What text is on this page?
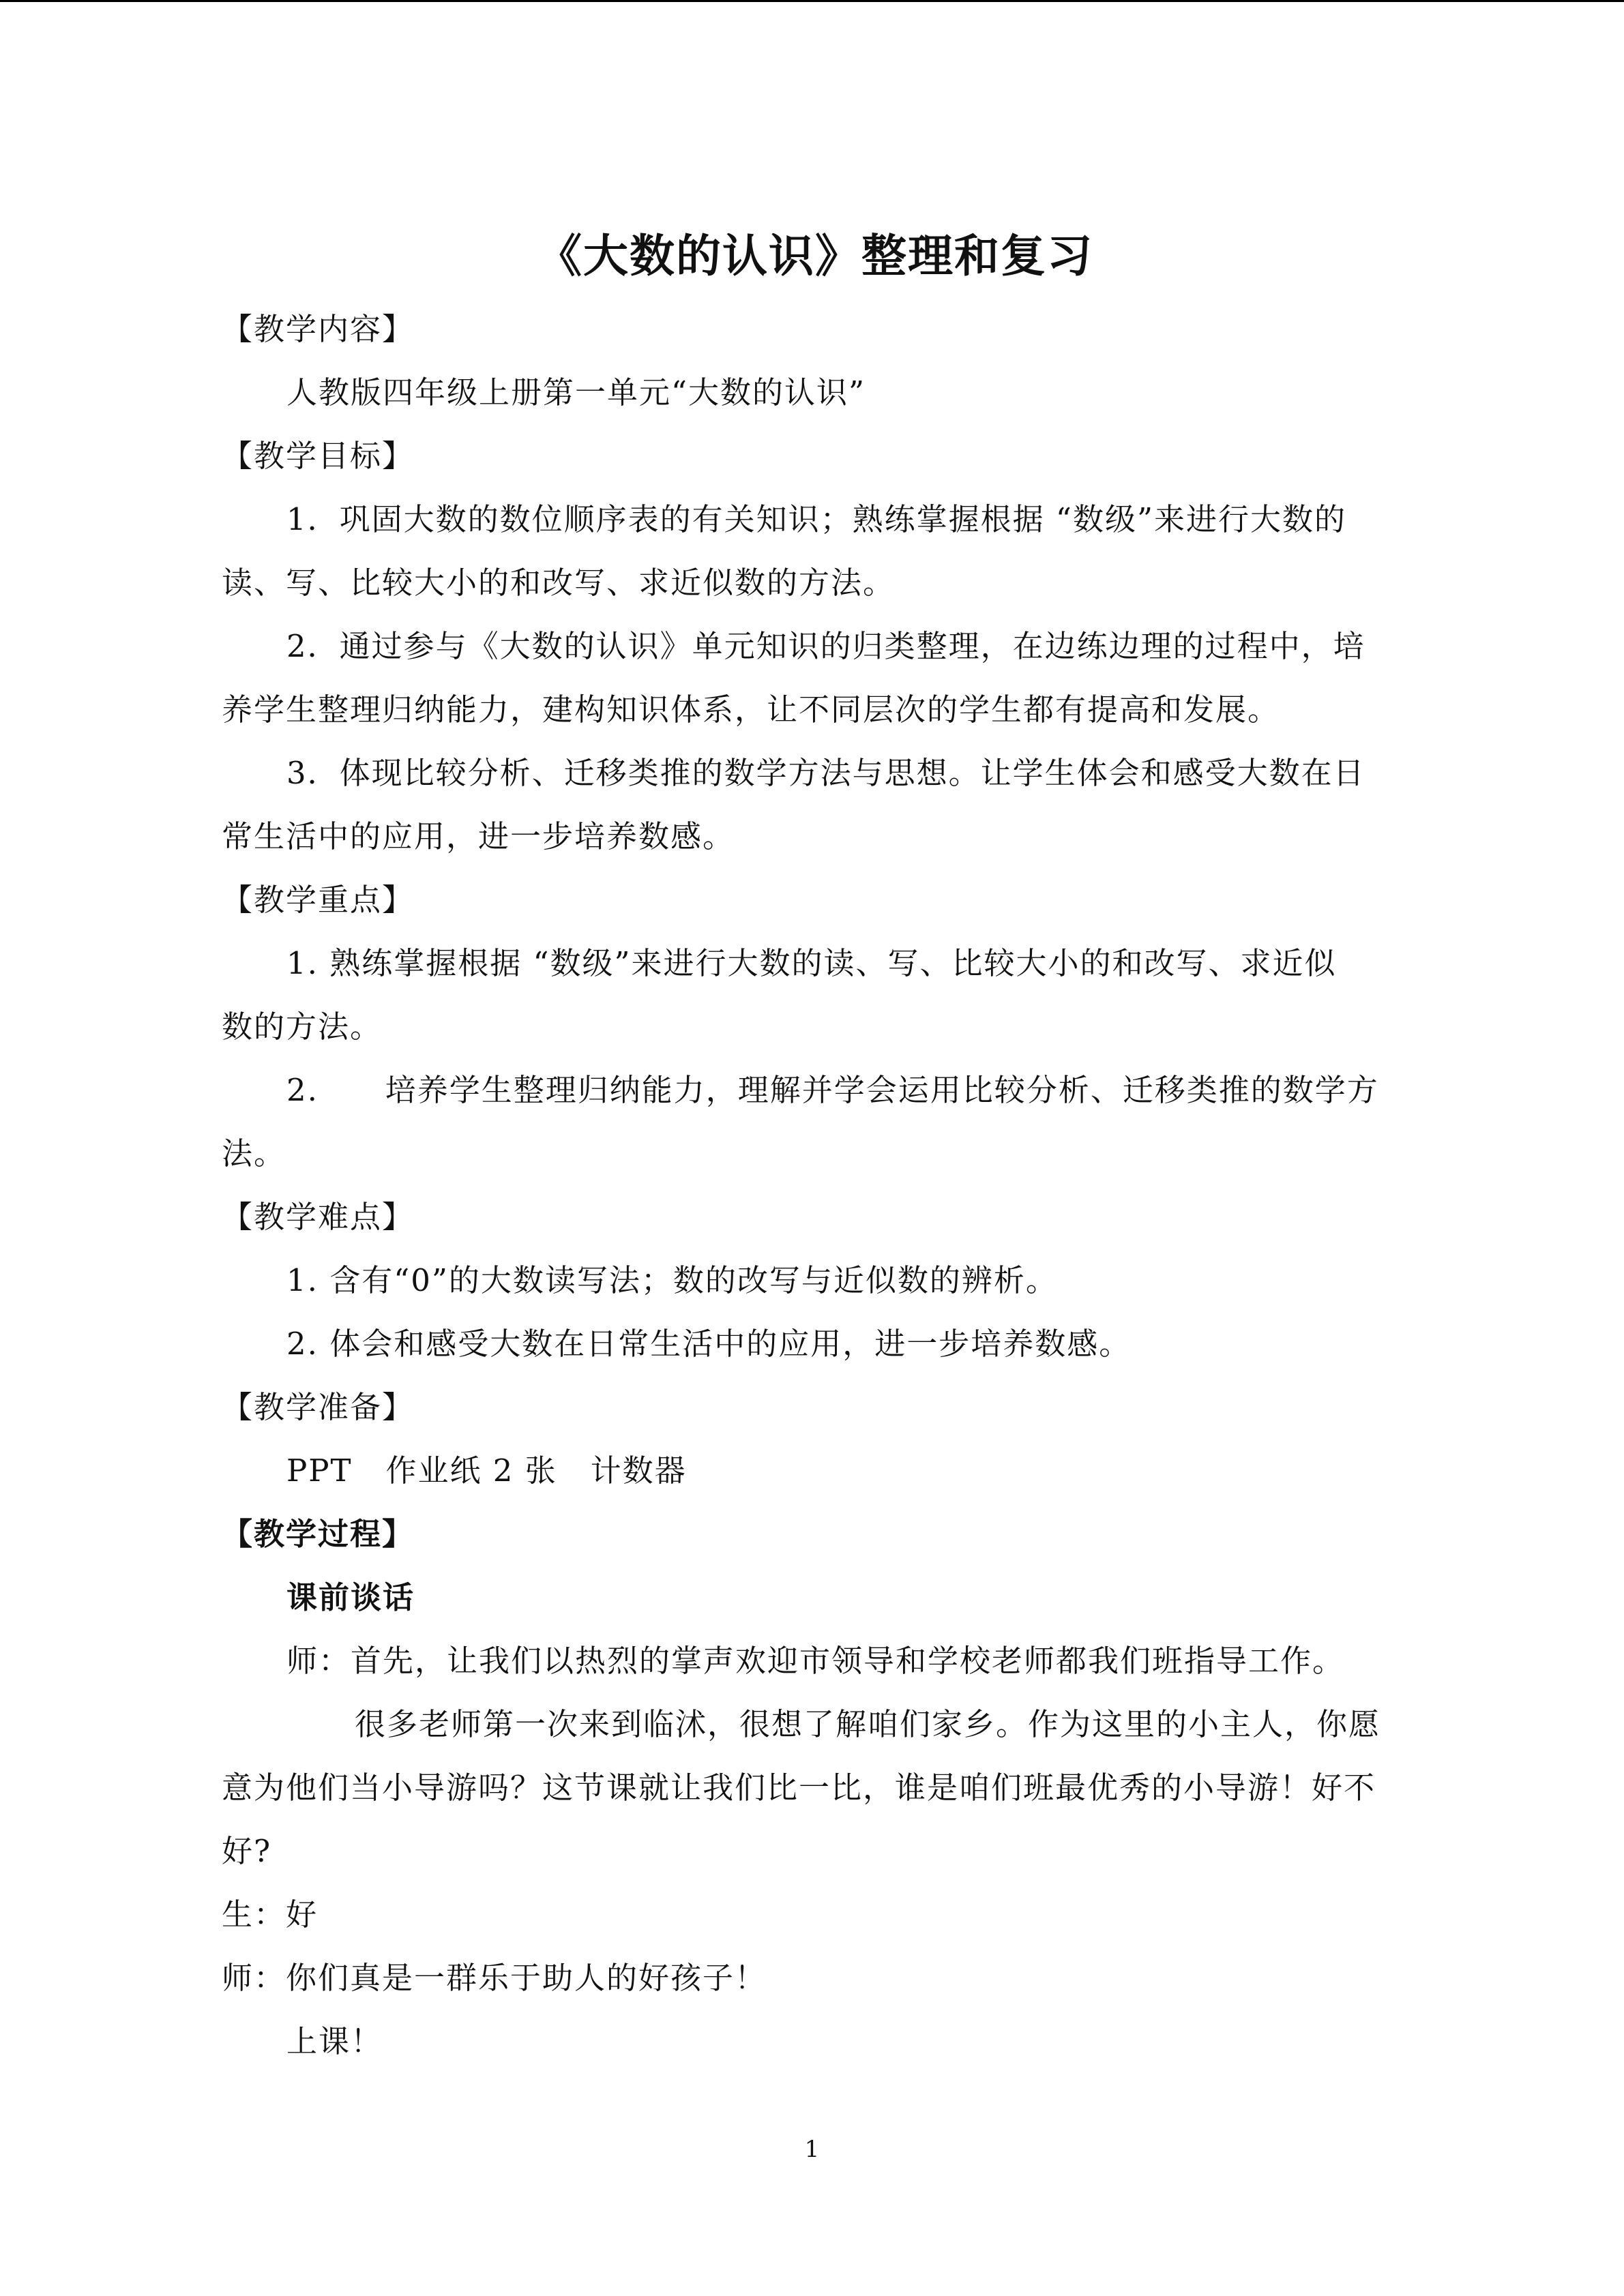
《大数的认识》整理和复习

【教学内容】

人教版四年级上册第一单元“大数的认识”

【教学目标】

1．巩固大数的数位顺序表的有关知识；熟练掌握根据 “数级”来进行大数的

读、写、比较大小的和改写、求近似数的方法。

2．通过参与《大数的认识》单元知识的归类整理，在边练边理的过程中，培

养学生整理归纳能力，建构知识体系，让不同层次的学生都有提高和发展。

3．体现比较分析、迁移类推的数学方法与思想。让学生体会和感受大数在日

常生活中的应用，进一步培养数感。

【教学重点】

1. 熟练掌握根据 “数级”来进行大数的读、写、比较大小的和改写、求近似

数的方法。

2.      培养学生整理归纳能力，理解并学会运用比较分析、迁移类推的数学方

法。

【教学难点】

1. 含有“0”的大数读写法；数的改写与近似数的辨析。

2. 体会和感受大数在日常生活中的应用，进一步培养数感。

【教学准备】

PPT   作业纸 2 张   计数器

【教学过程】

课前谈话

师：首先，让我们以热烈的掌声欢迎市领导和学校老师都我们班指导工作。

很多老师第一次来到临沭，很想了解咱们家乡。作为这里的小主人，你愿

意为他们当小导游吗？这节课就让我们比一比，谁是咱们班最优秀的小导游！好不

好?

生：好

师：你们真是一群乐于助人的好孩子！

上课！

1
